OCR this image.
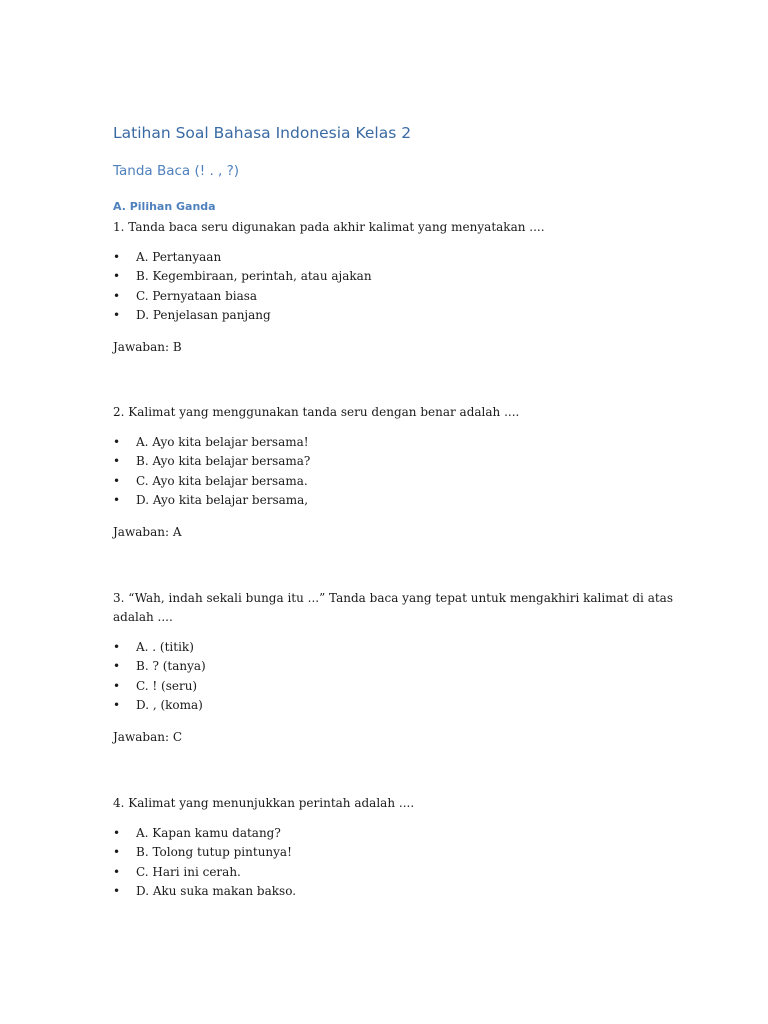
Latihan Soal Bahasa Indonesia Kelas 2
Tanda Baca (! . , ?)
A. Pilihan Ganda

1. Tanda baca seru digunakan pada akhir kalimat yang menyatakan ....

• A. Pertanyaan
• B. Kegembiraan, perintah, atau ajakan
• C. Pernyataan biasa
• D. Penjelasan panjang

Jawaban: B

2. Kalimat yang menggunakan tanda seru dengan benar adalah ....

• A. Ayo kita belajar bersama!
• B. Ayo kita belajar bersama?
• C. Ayo kita belajar bersama.
• D. Ayo kita belajar bersama,

Jawaban: A

3. “Wah, indah sekali bunga itu ...” Tanda baca yang tepat untuk mengakhiri kalimat di atas adalah ....

• A. . (titik)
• B. ? (tanya)
• C. ! (seru)
• D. , (koma)

Jawaban: C

4. Kalimat yang menunjukkan perintah adalah ....

• A. Kapan kamu datang?
• B. Tolong tutup pintunya!
• C. Hari ini cerah.
• D. Aku suka makan bakso.
